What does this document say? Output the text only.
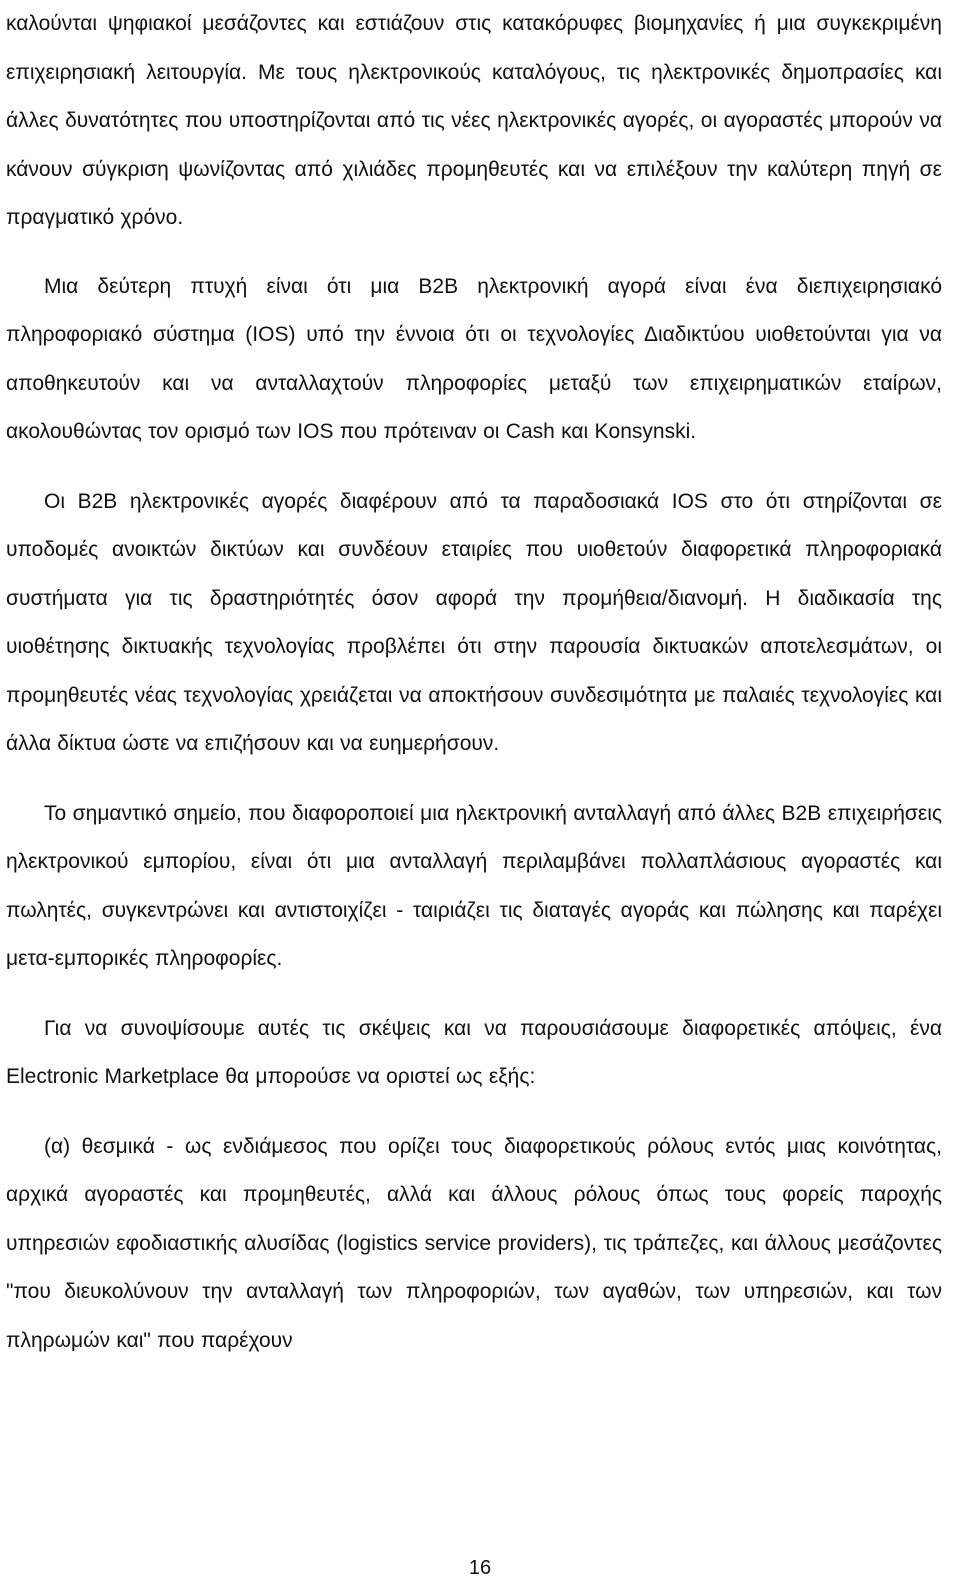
καλούνται ψηφιακοί μεσάζοντες και εστιάζουν στις κατακόρυφες βιομηχανίες ή μια συγκεκριμένη επιχειρησιακή λειτουργία. Με τους ηλεκτρονικούς καταλόγους, τις ηλεκτρονικές δημοπρασίες και άλλες δυνατότητες που υποστηρίζονται από τις νέες ηλεκτρονικές αγορές, οι αγοραστές μπορούν να κάνουν σύγκριση ψωνίζοντας από χιλιάδες προμηθευτές και να επιλέξουν την καλύτερη πηγή σε πραγματικό χρόνο.

Μια δεύτερη πτυχή είναι ότι μια B2B ηλεκτρονική αγορά είναι ένα διεπιχειρησιακό πληροφοριακό σύστημα (IOS) υπό την έννοια ότι οι τεχνολογίες Διαδικτύου υιοθετούνται για να αποθηκευτούν και να ανταλλαχτούν πληροφορίες μεταξύ των επιχειρηματικών εταίρων, ακολουθώντας τον ορισμό των IOS που πρότειναν οι Cash και Konsynski.

Οι B2B ηλεκτρονικές αγορές διαφέρουν από τα παραδοσιακά IOS στο ότι στηρίζονται σε υποδομές ανοικτών δικτύων και συνδέουν εταιρίες που υιοθετούν διαφορετικά πληροφοριακά συστήματα για τις δραστηριότητές όσον αφορά την προμήθεια/διανομή. Η διαδικασία της υιοθέτησης δικτυακής τεχνολογίας προβλέπει ότι στην παρουσία δικτυακών αποτελεσμάτων, οι προμηθευτές νέας τεχνολογίας χρειάζεται να αποκτήσουν συνδεσιμότητα με παλαιές τεχνολογίες και άλλα δίκτυα ώστε να επιζήσουν και να ευημερήσουν.

Το σημαντικό σημείο, που διαφοροποιεί μια ηλεκτρονική ανταλλαγή από άλλες B2B επιχειρήσεις ηλεκτρονικού εμπορίου, είναι ότι μια ανταλλαγή περιλαμβάνει πολλαπλάσιους αγοραστές και πωλητές, συγκεντρώνει και αντιστοιχίζει - ταιριάζει τις διαταγές αγοράς και πώλησης και παρέχει μετα-εμπορικές πληροφορίες.

Για να συνοψίσουμε αυτές τις σκέψεις και να παρουσιάσουμε διαφορετικές απόψεις, ένα Electronic Marketplace θα μπορούσε να οριστεί ως εξής:

(α) θεσμικά - ως ενδιάμεσος που ορίζει τους διαφορετικούς ρόλους εντός μιας κοινότητας, αρχικά αγοραστές και προμηθευτές, αλλά και άλλους ρόλους όπως τους φορείς παροχής υπηρεσιών εφοδιαστικής αλυσίδας (logistics service providers), τις τράπεζες, και άλλους μεσάζοντες "που διευκολύνουν την ανταλλαγή των πληροφοριών, των αγαθών, των υπηρεσιών, και των πληρωμών και" που παρέχουν

16
